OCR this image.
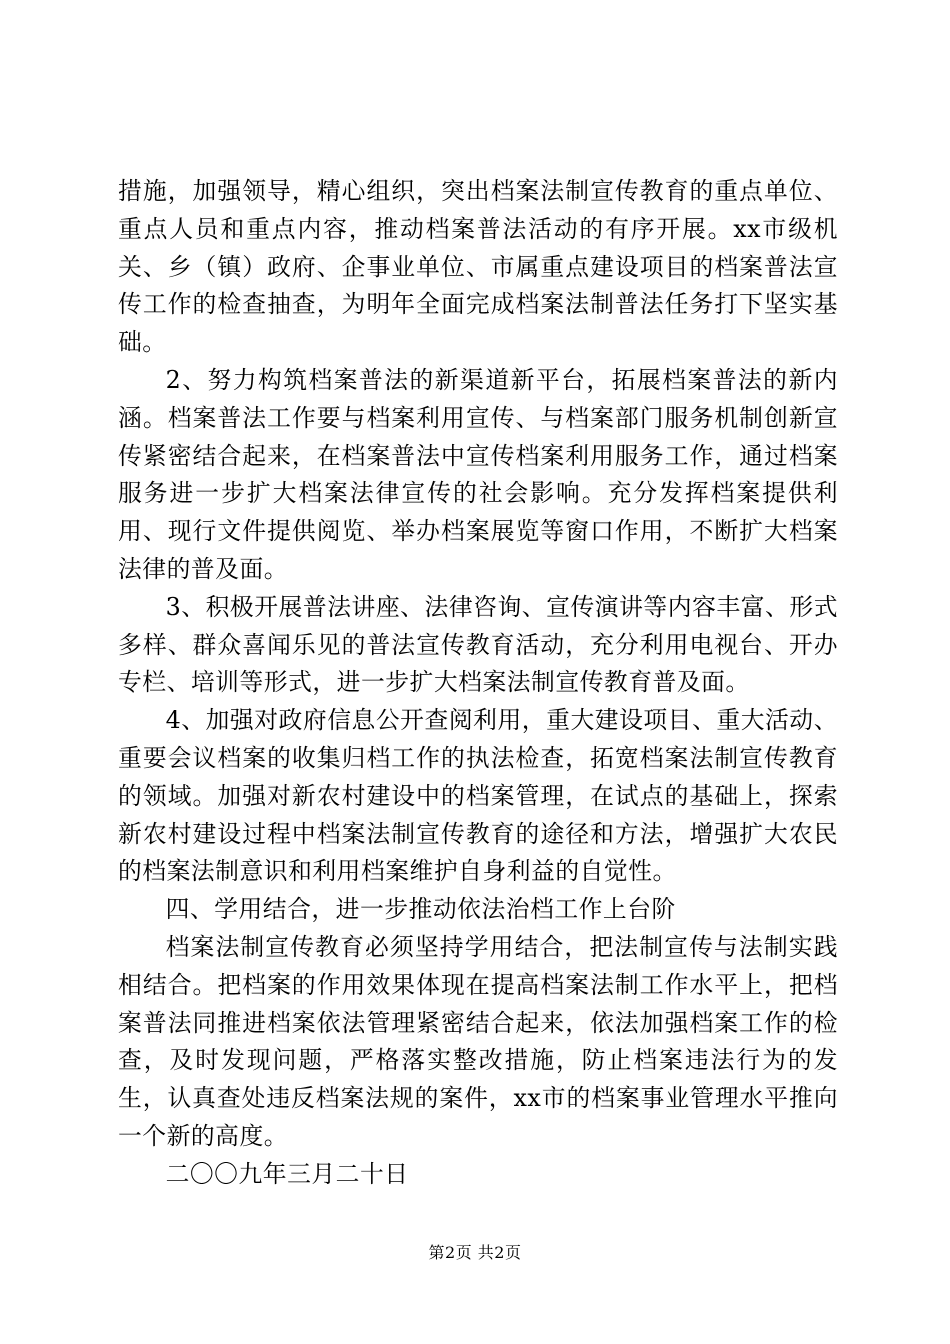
措施，加强领导，精心组织，突出档案法制宣传教育的重点单位、重点人员和重点内容，推动档案普法活动的有序开展。xx市级机关、乡（镇）政府、企事业单位、市属重点建设项目的档案普法宣传工作的检查抽查，为明年全面完成档案法制普法任务打下坚实基础。

2、努力构筑档案普法的新渠道新平台，拓展档案普法的新内涵。档案普法工作要与档案利用宣传、与档案部门服务机制创新宣传紧密结合起来，在档案普法中宣传档案利用服务工作，通过档案服务进一步扩大档案法律宣传的社会影响。充分发挥档案提供利用、现行文件提供阅览、举办档案展览等窗口作用，不断扩大档案法律的普及面。

3、积极开展普法讲座、法律咨询、宣传演讲等内容丰富、形式多样、群众喜闻乐见的普法宣传教育活动，充分利用电视台、开办专栏、培训等形式，进一步扩大档案法制宣传教育普及面。

4、加强对政府信息公开查阅利用，重大建设项目、重大活动、重要会议档案的收集归档工作的执法检查，拓宽档案法制宣传教育的领域。加强对新农村建设中的档案管理，在试点的基础上，探索新农村建设过程中档案法制宣传教育的途径和方法，增强扩大农民的档案法制意识和利用档案维护自身利益的自觉性。

四、学用结合，进一步推动依法治档工作上台阶

档案法制宣传教育必须坚持学用结合，把法制宣传与法制实践相结合。把档案的作用效果体现在提高档案法制工作水平上，把档案普法同推进档案依法管理紧密结合起来，依法加强档案工作的检查，及时发现问题，严格落实整改措施，防止档案违法行为的发生，认真查处违反档案法规的案件，xx市的档案事业管理水平推向一个新的高度。

二〇〇九年三月二十日

第2页 共2页
